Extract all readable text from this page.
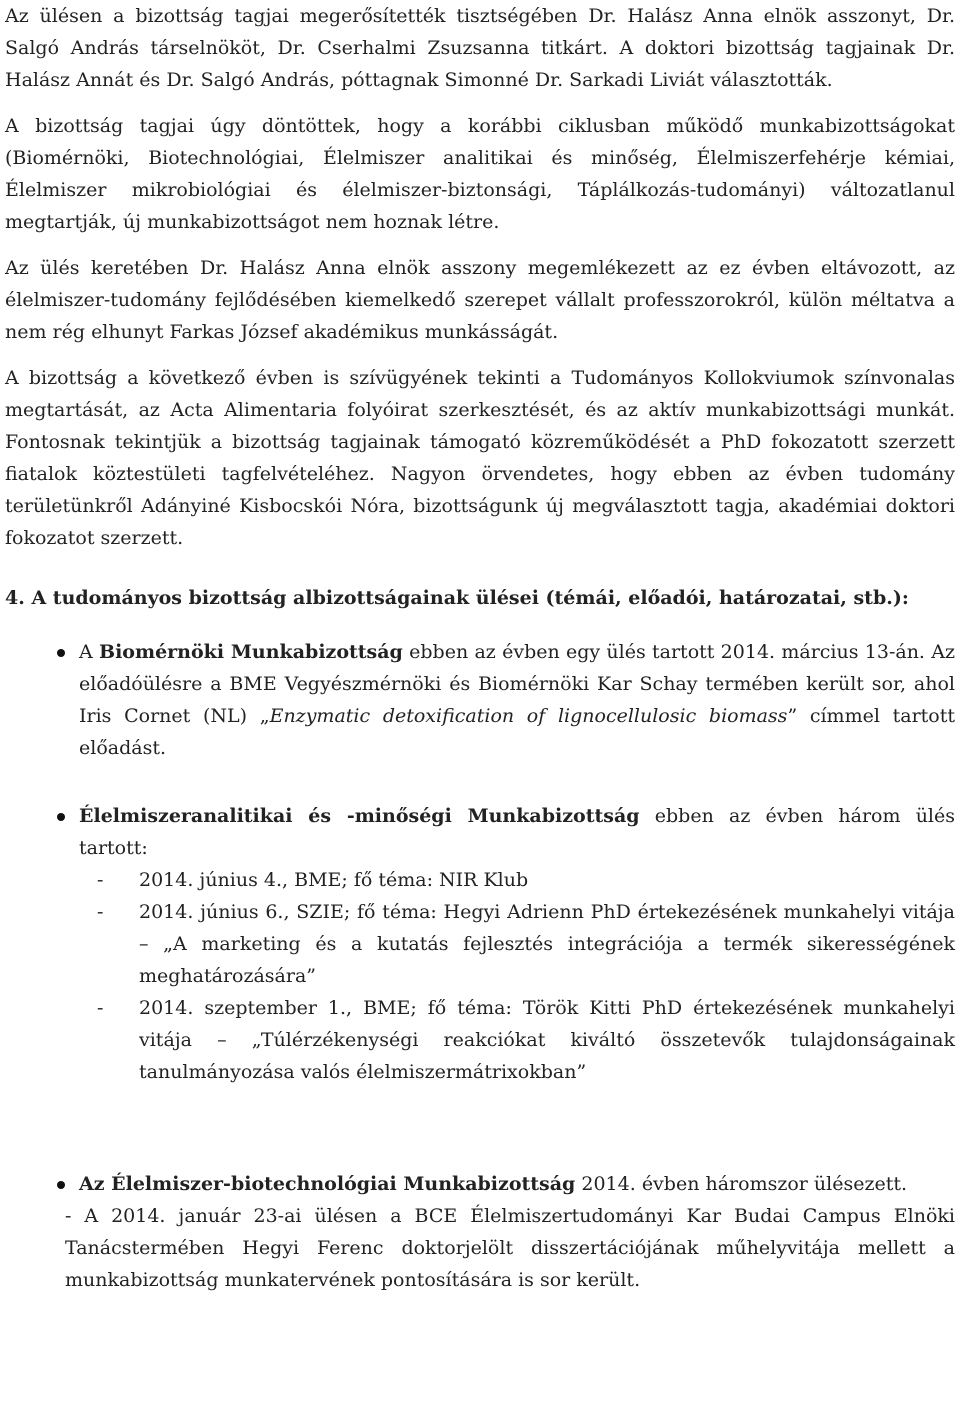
Az ülésen a bizottság tagjai megerősítették tisztségében Dr. Halász Anna elnök asszonyt, Dr. Salgó András társelnököt, Dr. Cserhalmi Zsuzsanna titkárt. A doktori bizottság tagjainak Dr. Halász Annát és Dr. Salgó András, póttagnak Simonné Dr. Sarkadi Liviát választották.

A bizottság tagjai úgy döntöttek, hogy a korábbi ciklusban működő munkabizottságokat (Biomérnöki, Biotechnológiai, Élelmiszer analitikai és minőség, Élelmiszerfehérje kémiai, Élelmiszer mikrobiológiai és élelmiszer-biztonsági, Táplálkozás-tudományi) változatlanul megtartják, új munkabizottságot nem hoznak létre.

Az ülés keretében Dr. Halász Anna elnök asszony megemlékezett az ez évben eltávozott, az élelmiszer-tudomány fejlődésében kiemelkedő szerepet vállalt professzorokról, külön méltatva a nem rég elhunyt Farkas József akadémikus munkásságát.

A bizottság a következő évben is szívügyének tekinti a Tudományos Kollokviumok színvonalas megtartását, az Acta Alimentaria folyóirat szerkesztését, és az aktív munkabizottsági munkát. Fontosnak tekintjük a bizottság tagjainak támogató közreműködését a PhD fokozatott szerzett fiatalok köztestületi tagfelvételéhez. Nagyon örvendetes, hogy ebben az évben tudomány területünkről Adányiné Kisbocskói Nóra, bizottságunk új megválasztott tagja, akadémiai doktori fokozatot szerzett.

4. A tudományos bizottság albizottságainak ülései (témái, előadói, határozatai, stb.):

A Biomérnöki Munkabizottság ebben az évben egy ülés tartott 2014. március 13-án. Az előadóülésre a BME Vegyészmérnöki és Biomérnöki Kar Schay termében került sor, ahol Iris Cornet (NL) „Enzymatic detoxification of lignocellulosic biomass” címmel tartott előadást.

Élelmiszeranalitikai és -minőségi Munkabizottság ebben az évben három ülés tartott:

- 2014. június 4., BME; fő téma: NIR Klub

- 2014. június 6., SZIE; fő téma: Hegyi Adrienn PhD értekezésének munkahelyi vitája – „A marketing és a kutatás fejlesztés integrációja a termék sikerességének meghatározására”

- 2014. szeptember 1., BME; fő téma: Török Kitti PhD értekezésének munkahelyi vitája – „Túlérzékenységi reakciókat kiváltó összetevők tulajdonságainak tanulmányozása valós élelmiszermátrixokban”

Az Élelmiszer-biotechnológiai Munkabizottság 2014. évben háromszor ülésezett.

- A 2014. január 23-ai ülésen a BCE Élelmiszertudományi Kar Budai Campus Elnöki Tanácstermében Hegyi Ferenc doktorjelölt disszertációjának műhelyvitája mellett a munkabizottság munkatervének pontosítására is sor került.
